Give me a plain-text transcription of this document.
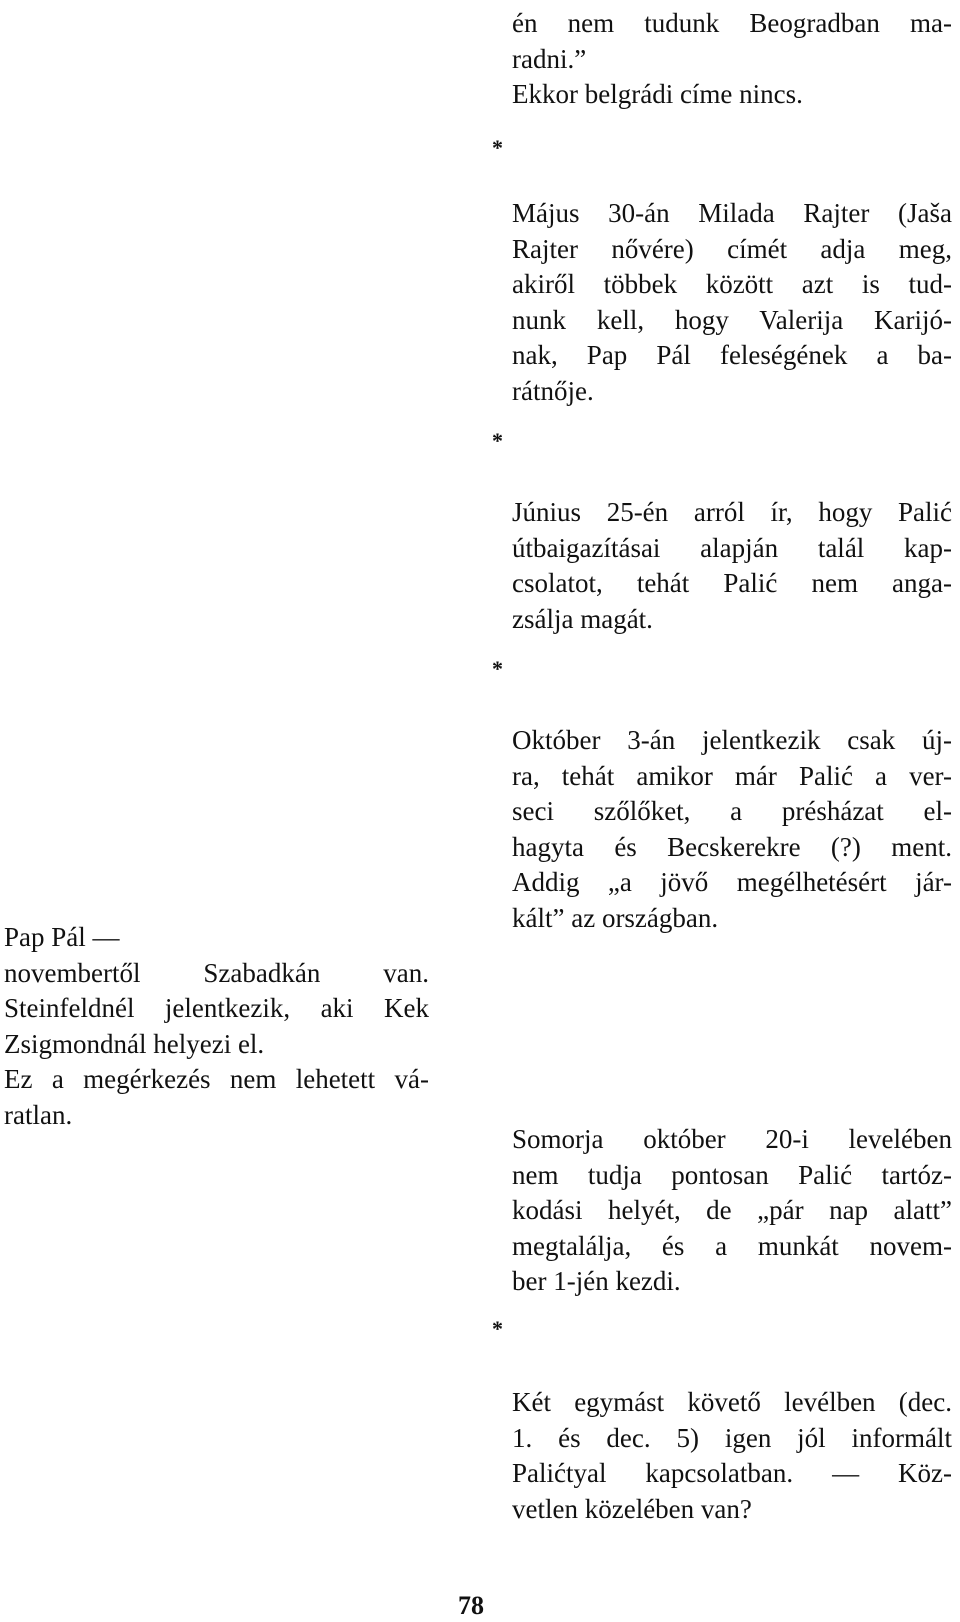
én nem tudunk Beogradban ma-
radni.”
Ekkor belgrádi címe nincs.
*
Május 30-án Milada Rajter (Jaša
Rajter nővére) címét adja meg,
akiről többek között azt is tud-
nunk kell, hogy Valerija Karijó-
nak, Pap Pál feleségének a ba-
rátnője.
*
Június 25-én arról ír, hogy Palić
útbaigazításai alapján talál kap-
csolatot, tehát Palić nem anga-
zsálja magát.
*
Október 3-án jelentkezik csak új-
ra, tehát amikor már Palić a ver-
seci szőlőket, a présházat el-
hagyta és Becskerekre (?) ment.
Addig „a jövő megélhetésért jár-
kált” az országban.
Pap Pál —
novembertől Szabadkán van.
Steinfeldnél jelentkezik, aki Kek
Zsigmondnál helyezi el.
Ez a megérkezés nem lehetett vá-
ratlan.
Somorja október 20-i levelében
nem tudja pontosan Palić tartóz-
kodási helyét, de „pár nap alatt”
megtalálja, és a munkát novem-
ber 1-jén kezdi.
*
Két egymást követő levélben (dec.
1. és dec. 5) igen jól informált
Palićtyal kapcsolatban. — Köz-
vetlen közelében van?
78
